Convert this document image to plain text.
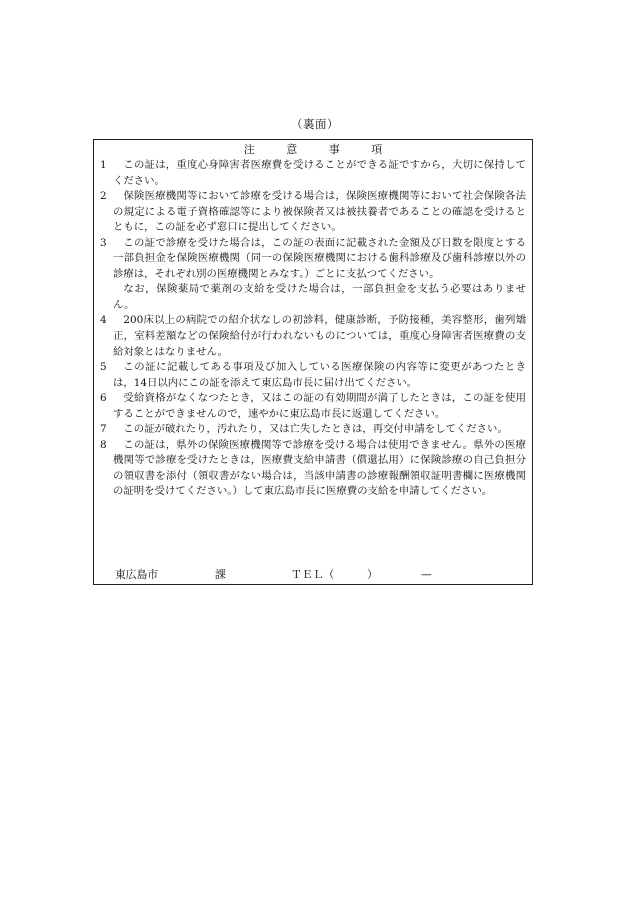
（裏面）
注 意 事 項
1	この証は，重度心身障害者医療費を受けることができる証ですから，大切に保持してください。
2	保険医療機関等において診療を受ける場合は，保険医療機関等において社会保険各法の規定による電子資格確認等により被保険者又は被扶養者であることの確認を受けるとともに，この証を必ず窓口に提出してください。
3	この証で診療を受けた場合は，この証の表面に記載された金額及び日数を限度とする一部負担金を保険医療機関（同一の保険医療機関における歯科診療及び歯科診療以外の診療は，それぞれ別の医療機関とみなす。）ごとに支払つてください。
なお，保険薬局で薬剤の支給を受けた場合は，一部負担金を支払う必要はありません。
4	200床以上の病院での紹介状なしの初診料，健康診断，予防接種，美容整形，歯列矯正，室料差額などの保険給付が行われないものについては，重度心身障害者医療費の支給対象とはなりません。
5	この証に記載してある事項及び加入している医療保険の内容等に変更があつたときは，14日以内にこの証を添えて東広島市長に届け出てください。
6	受給資格がなくなつたとき，又はこの証の有効期間が満了したときは，この証を使用することができませんので，速やかに東広島市長に返還してください。
7	この証が破れたり，汚れたり，又は亡失したときは，再交付申請をしてください。
8	この証は，県外の保険医療機関等で診療を受ける場合は使用できません。県外の医療機関等で診療を受けたときは，医療費支給申請書（償還払用）に保険診療の自己負担分の領収書を添付（領収書がない場合は，当該申請書の診療報酬領収証明書欄に医療機関の証明を受けてください。）して東広島市長に医療費の支給を申請してください。
東広島市	課	ＴＥＬ（	）	—
